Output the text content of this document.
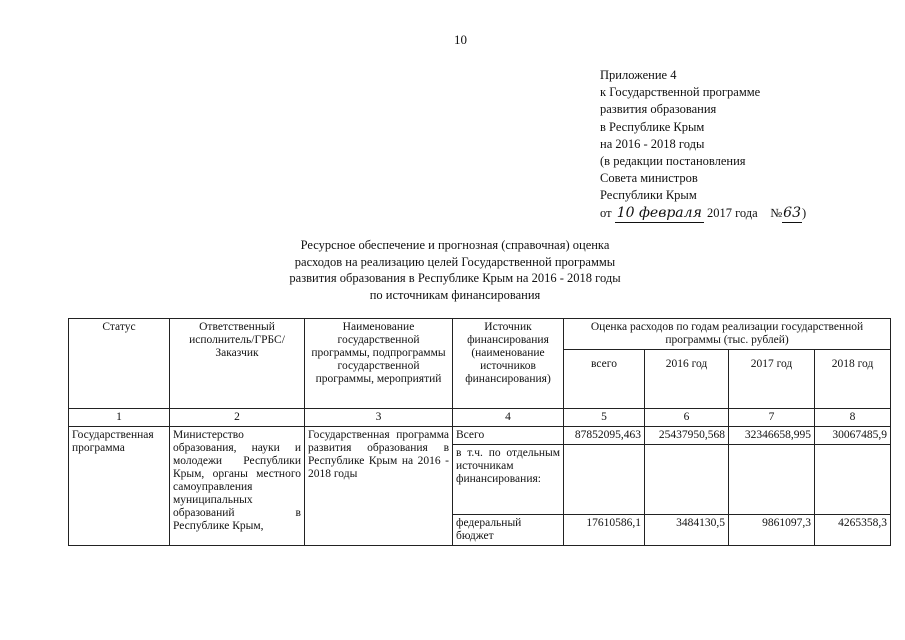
10
Приложение 4
к Государственной программе
развития образования
в Республике Крым
на 2016 - 2018 годы
(в редакции постановления
Совета министров
Республики Крым
от 10 февраля 2017 года №63)
Ресурсное обеспечение и прогнозная (справочная) оценка
расходов на реализацию целей Государственной программы
развития образования в Республике Крым на 2016 - 2018 годы
по источникам финансирования
Статус	Ответственный исполнитель/ГРБС/ Заказчик	Наименование государственной программы, подпрограммы государственной программы, мероприятий	Источник финансирования (наименование источников финансирования)	Оценка расходов по годам реализации государственной программы (тыс. рублей)			
				всего	2016 год	2017 год	2018 год
1	2	3	4	5	6	7	8
Государственная программа	Министерство образования, науки и молодежи Республики Крым, органы местного самоуправления муниципальных образований в Республике Крым,	Государственная программа развития образования в Республике Крым на 2016 - 2018 годы	Всего	87852095,463	25437950,568	32346658,995	30067485,9
			в т.ч. по отдельным источникам финансирования:				
			федеральный бюджет	17610586,1	3484130,5	9861097,3	4265358,3
